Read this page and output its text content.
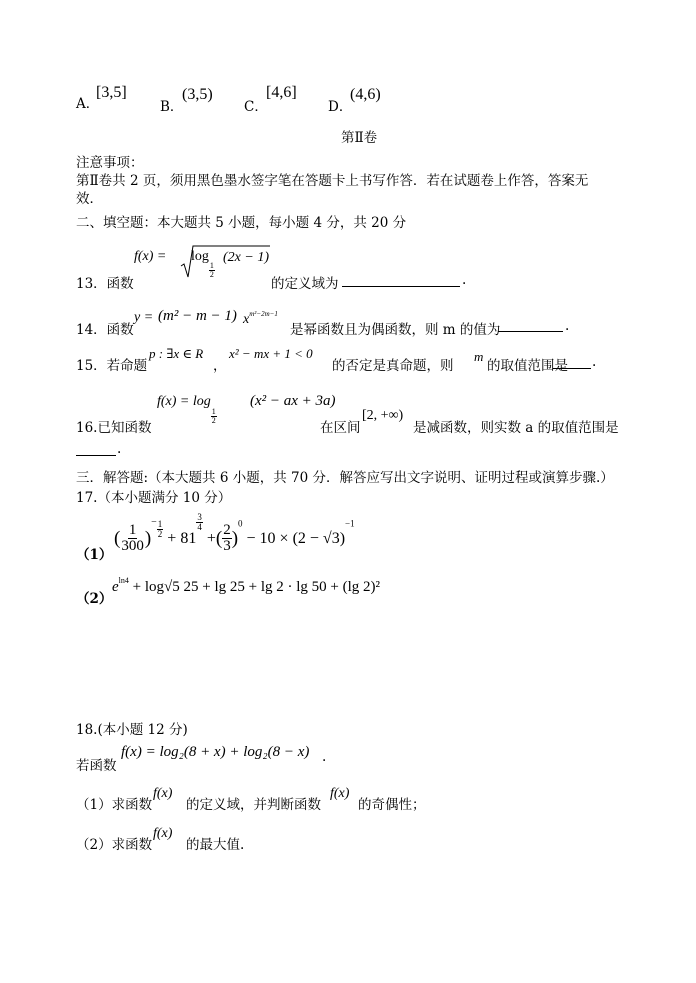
A．
[3,5]
B．
(3,5)
C．
[4,6]
D．
(4,6)
第Ⅱ卷
注意事项：
第Ⅱ卷共 2 页，须用黑色墨水签字笔在答题卡上书写作答．若在试题卷上作答，答案无
效．
二、填空题：本大题共 5 小题，每小题 4 分，共 20 分
f(x) = log
$\frac{1}{2}$
(2x − 1)
13．函数	的定义域为	.
14．函数
y = (m² − m − 1) $x^{m^2-2m-1}$
是幂函数且为偶函数，则 m 的值为	.
15．若命题
p : ∃x ∈ R
，
x² − mx + 1 < 0
的否定是真命题，则
m
的取值范围是 .
f(x) = log
$\frac{1}{2}$
(x² − ax + 3a)
16.已知函数	在区间
[2, +∞)
是减函数，则实数 a 的取值范围是
.
三．解答题:（本大题共 6 小题，共 70 分．解答应写出文字说明、证明过程或演算步骤.）
17.（本小题满分 10 分）
（1）
( $\frac{1}{300} )^{- \frac{1}{2}} + 81$
$^{\frac{3}{4}}$
+( $\frac{2}{3} )^0 - 10 \times (2 - √3)^{-1}$
（2）
$e^{ln4} + \log√5$ 25 + lg 25 + lg 2 · lg 50 + (lg 2)²
18.(本小题 12 分)
若函数
f(x) = log₂(8 + x) + log₂(8 − x) .
（1）求函数
f(x)
的定义域，并判断函数
f(x)
的奇偶性；
（2）求函数
f(x)
的最大值.
